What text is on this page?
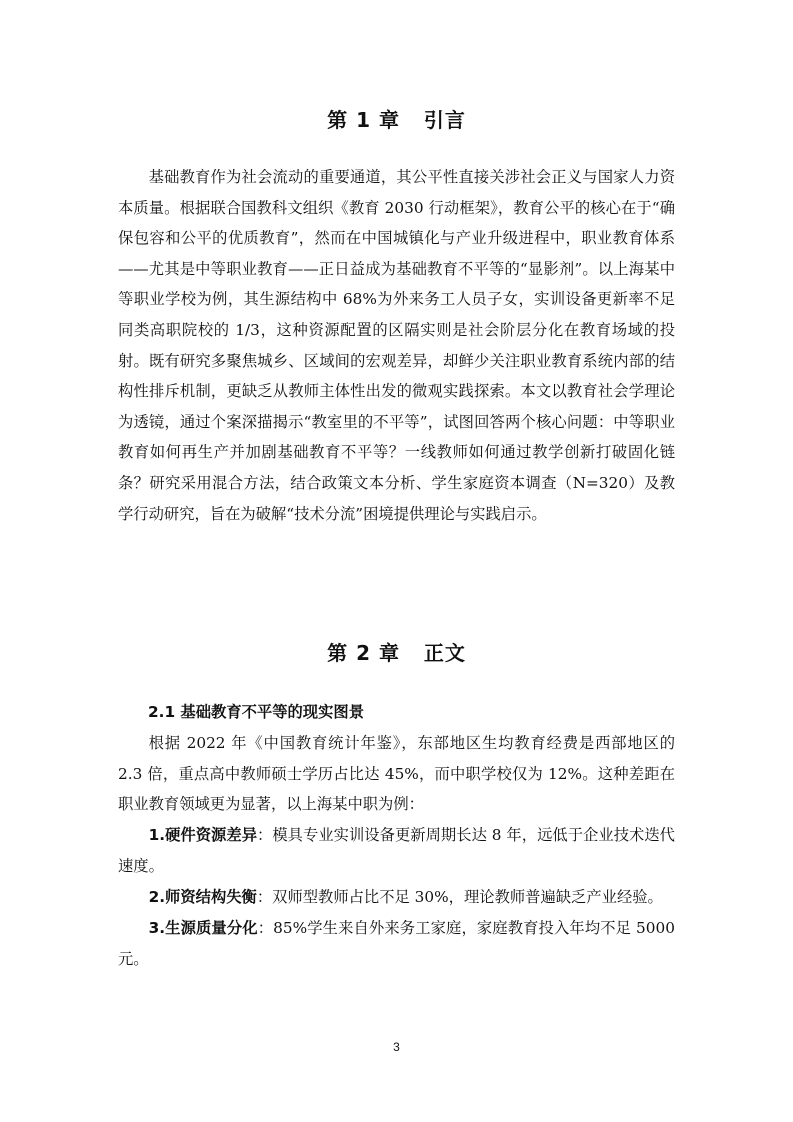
第 1 章   引言

基础教育作为社会流动的重要通道，其公平性直接关涉社会正义与国家人力资本质量。根据联合国教科文组织《教育 2030 行动框架》，教育公平的核心在于“确保包容和公平的优质教育”，然而在中国城镇化与产业升级进程中，职业教育体系——尤其是中等职业教育——正日益成为基础教育不平等的“显影剂”。以上海某中等职业学校为例，其生源结构中 68%为外来务工人员子女，实训设备更新率不足同类高职院校的 1/3，这种资源配置的区隔实则是社会阶层分化在教育场域的投射。既有研究多聚焦城乡、区域间的宏观差异，却鲜少关注职业教育系统内部的结构性排斥机制，更缺乏从教师主体性出发的微观实践探索。本文以教育社会学理论为透镜，通过个案深描揭示“教室里的不平等”，试图回答两个核心问题：中等职业教育如何再生产并加剧基础教育不平等？一线教师如何通过教学创新打破固化链条？研究采用混合方法，结合政策文本分析、学生家庭资本调查（N=320）及教学行动研究，旨在为破解“技术分流”困境提供理论与实践启示。

第 2 章   正文
2.1 基础教育不平等的现实图景

根据 2022 年《中国教育统计年鉴》，东部地区生均教育经费是西部地区的 2.3 倍，重点高中教师硕士学历占比达 45%，而中职学校仅为 12%。这种差距在职业教育领域更为显著，以上海某中职为例：

1.硬件资源差异：模具专业实训设备更新周期长达 8 年，远低于企业技术迭代速度。

2.师资结构失衡：双师型教师占比不足 30%，理论教师普遍缺乏产业经验。

3.生源质量分化：85%学生来自外来务工家庭，家庭教育投入年均不足 5000 元。

3
